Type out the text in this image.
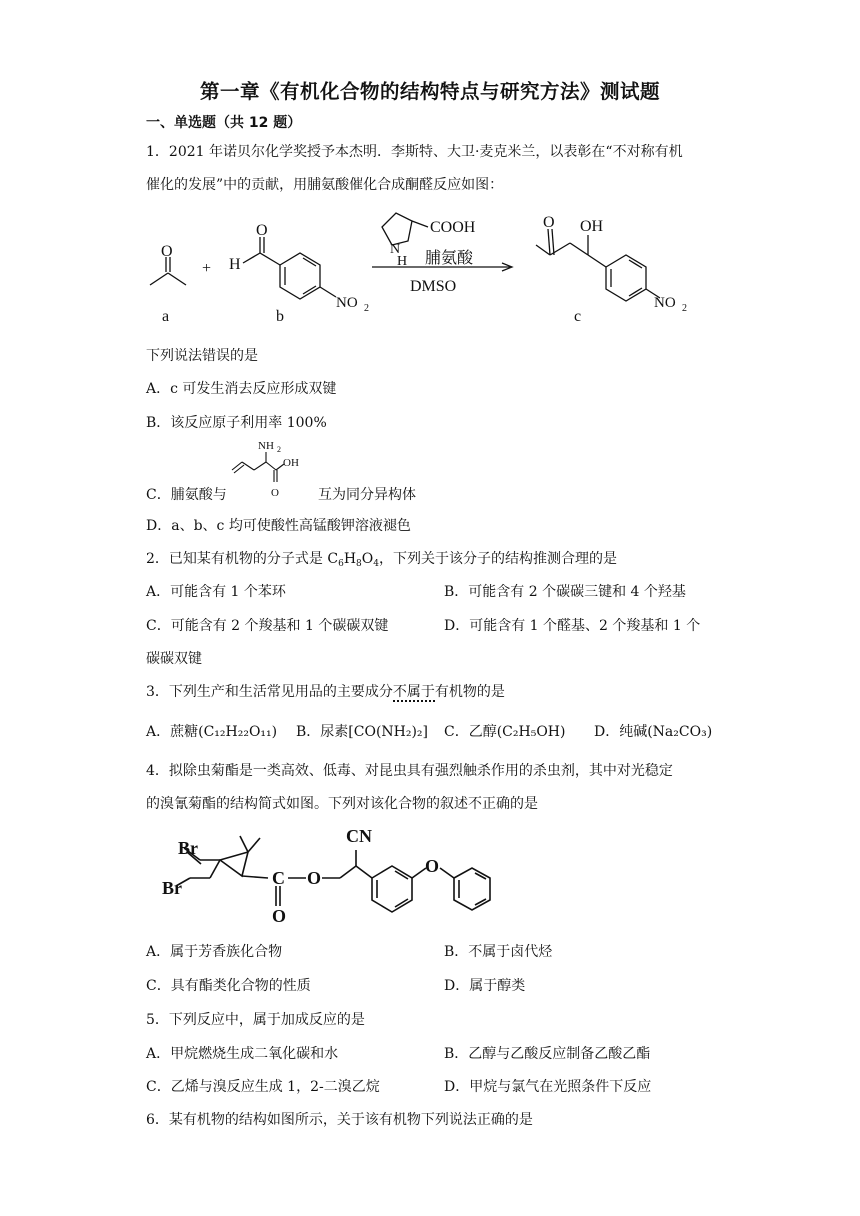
第一章《有机化合物的结构特点与研究方法》测试题
一、单选题（共 12 题）
1．2021 年诺贝尔化学奖授予本杰明．李斯特、大卫·麦克米兰，以表彰在“不对称有机
催化的发展”中的贡献，用脯氨酸催化合成酮醛反应如图：
O
a
+ H
O
NO 2
b
N
H
COOH
脯氨酸
DMSO
O OH
NO 2
c
下列说法错误的是
A．c 可发生消去反应形成双键
B．该反应原子利用率 100%
NH 2
OH
O
C．脯氨酸与	互为同分异构体
D．a、b、c 均可使酸性高锰酸钾溶液褪色
2．已知某有机物的分子式是 $C_6H_8O_4$，下列关于该分子的结构推测合理的是
A．可能含有 1 个苯环	B．可能含有 2 个碳碳三键和 4 个羟基
C．可能含有 2 个羧基和 1 个碳碳双键	D．可能含有 1 个醛基、2 个羧基和 1 个
碳碳双键
3．下列生产和生活常见用品的主要成分不属于有机物的是
A．蔗糖(C₁₂H₂₂O₁₁) B．尿素[CO(NH₂)₂] C．乙醇(C₂H₅OH) D．纯碱(Na₂CO₃)
4．拟除虫菊酯是一类高效、低毒、对昆虫具有强烈触杀作用的杀虫剂，其中对光稳定
的溴氰菊酯的结构简式如图。下列对该化合物的叙述不正确的是
Br
Br	C
O
O
CN
O
A．属于芳香族化合物	B．不属于卤代烃
C．具有酯类化合物的性质	D．属于醇类
5．下列反应中，属于加成反应的是
A．甲烷燃烧生成二氧化碳和水	B．乙醇与乙酸反应制备乙酸乙酯
C．乙烯与溴反应生成 1，2-二溴乙烷	D．甲烷与氯气在光照条件下反应
6．某有机物的结构如图所示，关于该有机物下列说法正确的是
